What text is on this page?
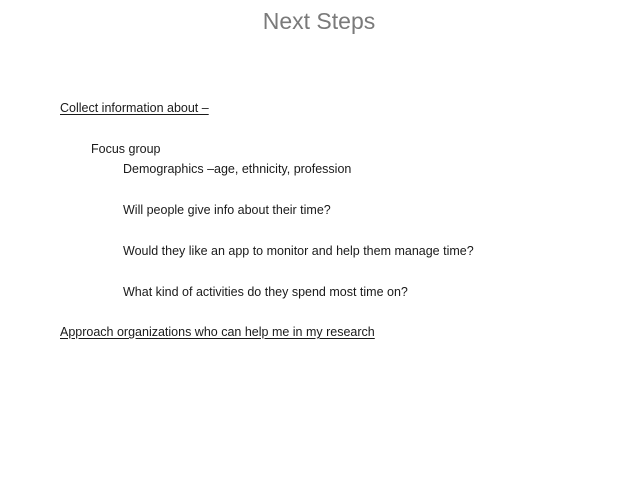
Next Steps
Collect information about –
Focus group
Demographics –age, ethnicity, profession
Will people give info about their time?
Would they like an app to monitor and help them manage time?
What kind of activities do they spend most time on?
Approach organizations who can help me in my research
